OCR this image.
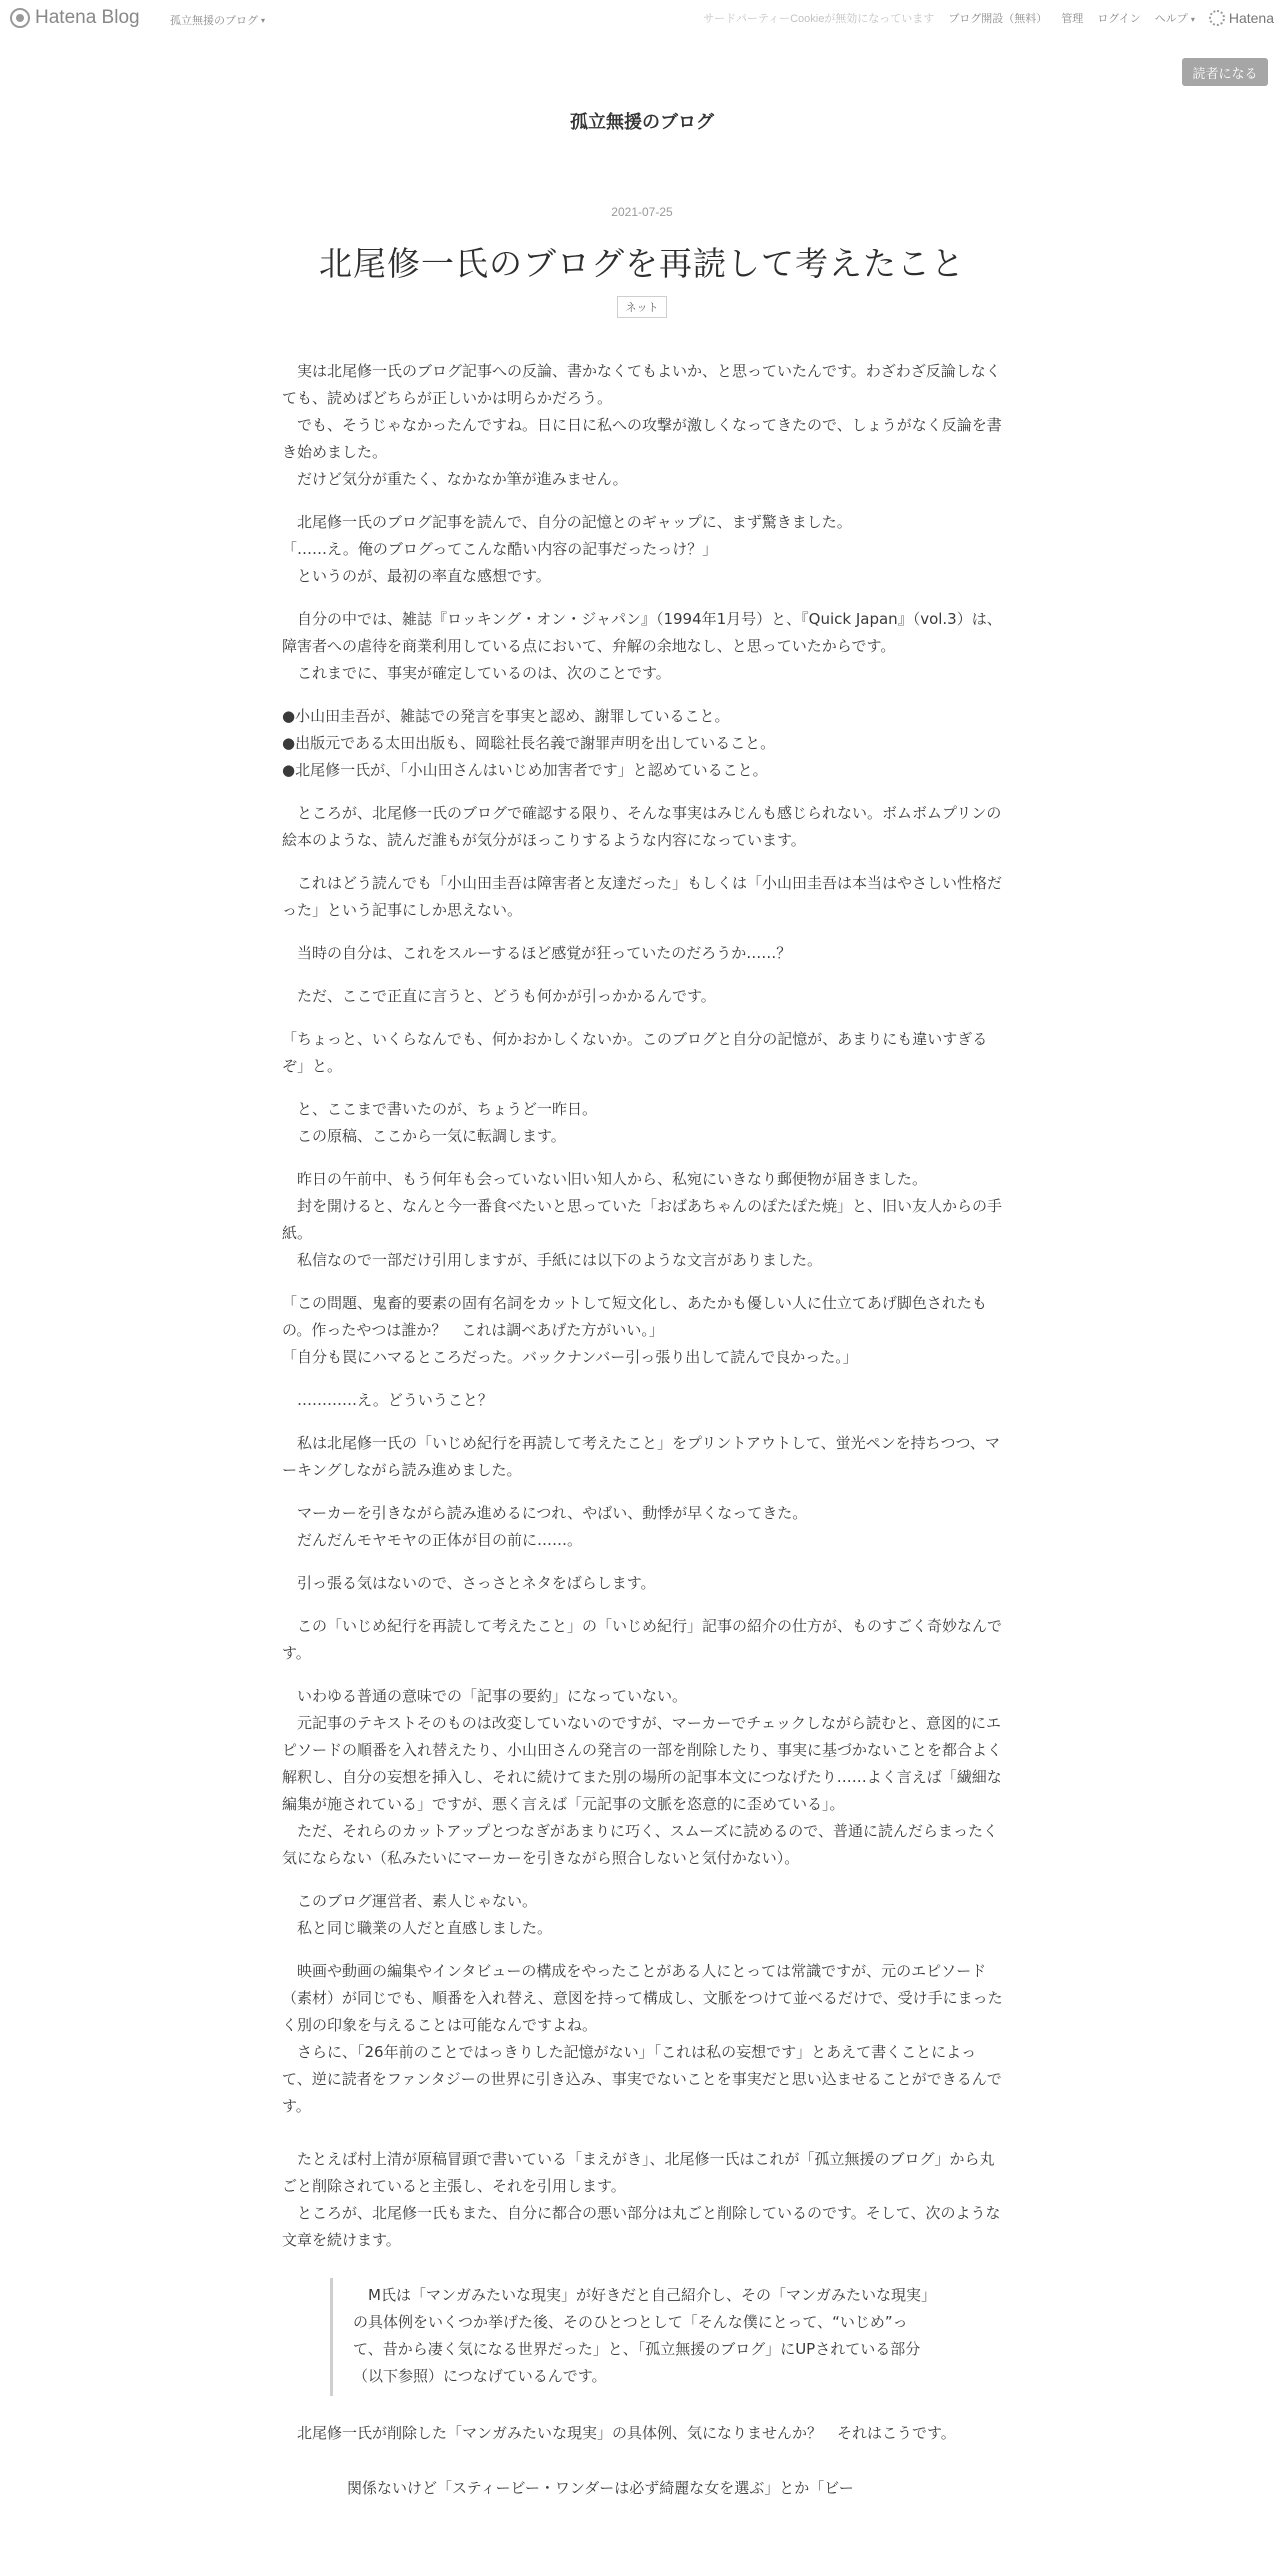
Hatena Blog	孤立無援のブログ ▾	サードパーティーCookieが無効になっています ブログ開設（無料） 管理 ログイン ヘルプ ▾ Hatena
読者になる
孤立無援のブログ
2021-07-25
北尾修一氏のブログを再読して考えたこと
ネット

　実は北尾修一氏のブログ記事への反論、書かなくてもよいか、と思っていたんです。わざわざ反論しなくても、読めばどちらが正しいかは明らかだろう。
　でも、そうじゃなかったんですね。日に日に私への攻撃が激しくなってきたので、しょうがなく反論を書き始めました。
　だけど気分が重たく、なかなか筆が進みません。

　北尾修一氏のブログ記事を読んで、自分の記憶とのギャップに、まず驚きました。
「……え。俺のブログってこんな酷い内容の記事だったっけ？」
　というのが、最初の率直な感想です。

　自分の中では、雑誌『ロッキング・オン・ジャパン』（1994年1月号）と、『Quick Japan』（vol.3）は、障害者への虐待を商業利用している点において、弁解の余地なし、と思っていたからです。
　これまでに、事実が確定しているのは、次のことです。

●小山田圭吾が、雑誌での発言を事実と認め、謝罪していること。
●出版元である太田出版も、岡聡社長名義で謝罪声明を出していること。
●北尾修一氏が、「小山田さんはいじめ加害者です」と認めていること。

　ところが、北尾修一氏のブログで確認する限り、そんな事実はみじんも感じられない。ボムボムプリンの絵本のような、読んだ誰もが気分がほっこりするような内容になっています。

　これはどう読んでも「小山田圭吾は障害者と友達だった」もしくは「小山田圭吾は本当はやさしい性格だった」という記事にしか思えない。

　当時の自分は、これをスルーするほど感覚が狂っていたのだろうか……？

　ただ、ここで正直に言うと、どうも何かが引っかかるんです。

「ちょっと、いくらなんでも、何かおかしくないか。このブログと自分の記憶が、あまりにも違いすぎるぞ」と。

　と、ここまで書いたのが、ちょうど一昨日。
　この原稿、ここから一気に転調します。

　昨日の午前中、もう何年も会っていない旧い知人から、私宛にいきなり郵便物が届きました。
　封を開けると、なんと今一番食べたいと思っていた「おばあちゃんのぽたぽた焼」と、旧い友人からの手紙。
　私信なので一部だけ引用しますが、手紙には以下のような文言がありました。

「この問題、鬼畜的要素の固有名詞をカットして短文化し、あたかも優しい人に仕立てあげ脚色されたもの。作ったやつは誰か？　これは調べあげた方がいい。」
「自分も罠にハマるところだった。バックナンバー引っ張り出して読んで良かった。」

　…………え。どういうこと？

　私は北尾修一氏の「いじめ紀行を再読して考えたこと」をプリントアウトして、蛍光ペンを持ちつつ、マーキングしながら読み進めました。

　マーカーを引きながら読み進めるにつれ、やばい、動悸が早くなってきた。
　だんだんモヤモヤの正体が目の前に……。

　引っ張る気はないので、さっさとネタをばらします。

　この「いじめ紀行を再読して考えたこと」の「いじめ紀行」記事の紹介の仕方が、ものすごく奇妙なんです。

　いわゆる普通の意味での「記事の要約」になっていない。
　元記事のテキストそのものは改変していないのですが、マーカーでチェックしながら読むと、意図的にエピソードの順番を入れ替えたり、小山田さんの発言の一部を削除したり、事実に基づかないことを都合よく解釈し、自分の妄想を挿入し、それに続けてまた別の場所の記事本文につなげたり……よく言えば「繊細な編集が施されている」ですが、悪く言えば「元記事の文脈を恣意的に歪めている」。
　ただ、それらのカットアップとつなぎがあまりに巧く、スムーズに読めるので、普通に読んだらまったく気にならない（私みたいにマーカーを引きながら照合しないと気付かない）。

　このブログ運営者、素人じゃない。
　私と同じ職業の人だと直感しました。

　映画や動画の編集やインタビューの構成をやったことがある人にとっては常識ですが、元のエピソード（素材）が同じでも、順番を入れ替え、意図を持って構成し、文脈をつけて並べるだけで、受け手にまったく別の印象を与えることは可能なんですよね。
　さらに、「26年前のことではっきりした記憶がない」「これは私の妄想です」とあえて書くことによって、逆に読者をファンタジーの世界に引き込み、事実でないことを事実だと思い込ませることができるんです。

　たとえば村上清が原稿冒頭で書いている「まえがき」、北尾修一氏はこれが「孤立無援のブログ」から丸ごと削除されていると主張し、それを引用します。
　ところが、北尾修一氏もまた、自分に都合の悪い部分は丸ごと削除しているのです。そして、次のような文章を続けます。

　M氏は「マンガみたいな現実」が好きだと自己紹介し、その「マンガみたいな現実」の具体例をいくつか挙げた後、そのひとつとして「そんな僕にとって、“いじめ”って、昔から凄く気になる世界だった」と、「孤立無援のブログ」にUPされている部分（以下参照）につなげているんです。

　北尾修一氏が削除した「マンガみたいな現実」の具体例、気になりませんか？　それはこうです。

　関係ないけど「スティービー・ワンダーは必ず綺麗な女を選ぶ」とか「ビー
